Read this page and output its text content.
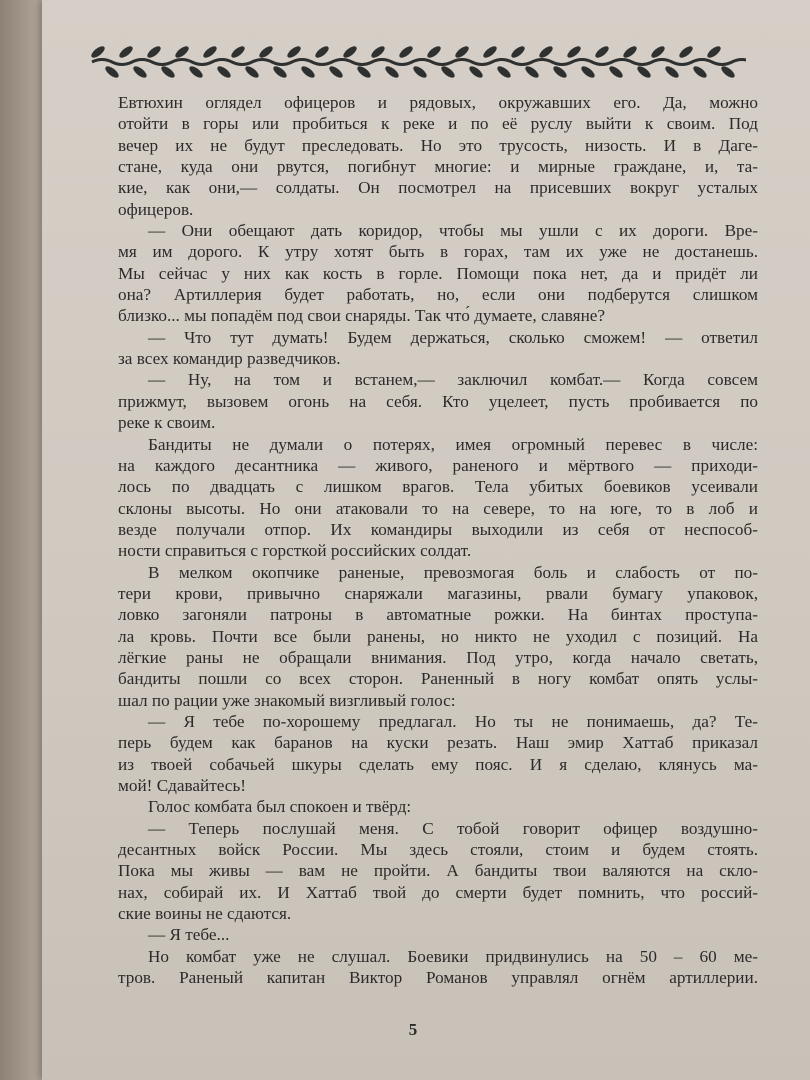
Евтюхин оглядел офицеров и рядовых, окружавших его. Да, можно
отойти в горы или пробиться к реке и по её руслу выйти к своим. Под
вечер их не будут преследовать. Но это трусость, низость. И в Даге-
стане, куда они рвутся, погибнут многие: и мирные граждане, и, та-
кие, как они,— солдаты. Он посмотрел на присевших вокруг усталых
офицеров.
— Они обещают дать коридор, чтобы мы ушли с их дороги. Вре-
мя им дорого. К утру хотят быть в горах, там их уже не достанешь.
Мы сейчас у них как кость в горле. Помощи пока нет, да и придёт ли
она? Артиллерия будет работать, но, если они подберутся слишком
близко... мы попадём под свои снаряды. Так что́ думаете, славяне?
— Что тут думать! Будем держаться, сколько сможем! — ответил
за всех командир разведчиков.
— Ну, на том и встанем,— заключил комбат.— Когда совсем
прижмут, вызовем огонь на себя. Кто уцелеет, пусть пробивается по
реке к своим.
Бандиты не думали о потерях, имея огромный перевес в числе:
на каждого десантника — живого, раненого и мёртвого — приходи-
лось по двадцать с лишком врагов. Тела убитых боевиков усеивали
склоны высоты. Но они атаковали то на севере, то на юге, то в лоб и
везде получали отпор. Их командиры выходили из себя от неспособ-
ности справиться с горсткой российских солдат.
В мелком окопчике раненые, превозмогая боль и слабость от по-
тери крови, привычно снаряжали магазины, рвали бумагу упаковок,
ловко загоняли патроны в автоматные рожки. На бинтах проступа-
ла кровь. Почти все были ранены, но никто не уходил с позиций. На
лёгкие раны не обращали внимания. Под утро, когда начало светать,
бандиты пошли со всех сторон. Раненный в ногу комбат опять услы-
шал по рации уже знакомый визгливый голос:
— Я тебе по-хорошему предлагал. Но ты не понимаешь, да? Те-
перь будем как баранов на куски резать. Наш эмир Хаттаб приказал
из твоей собачьей шкуры сделать ему пояс. И я сделаю, клянусь ма-
мой! Сдавайтесь!
Голос комбата был спокоен и твёрд:
— Теперь послушай меня. С тобой говорит офицер воздушно-
десантных войск России. Мы здесь стояли, стоим и будем стоять.
Пока мы живы — вам не пройти. А бандиты твои валяются на скло-
нах, собирай их. И Хаттаб твой до смерти будет помнить, что россий-
ские воины не сдаются.
— Я тебе...
Но комбат уже не слушал. Боевики придвинулись на 50 – 60 ме-
тров. Раненый капитан Виктор Романов управлял огнём артиллерии.
5
